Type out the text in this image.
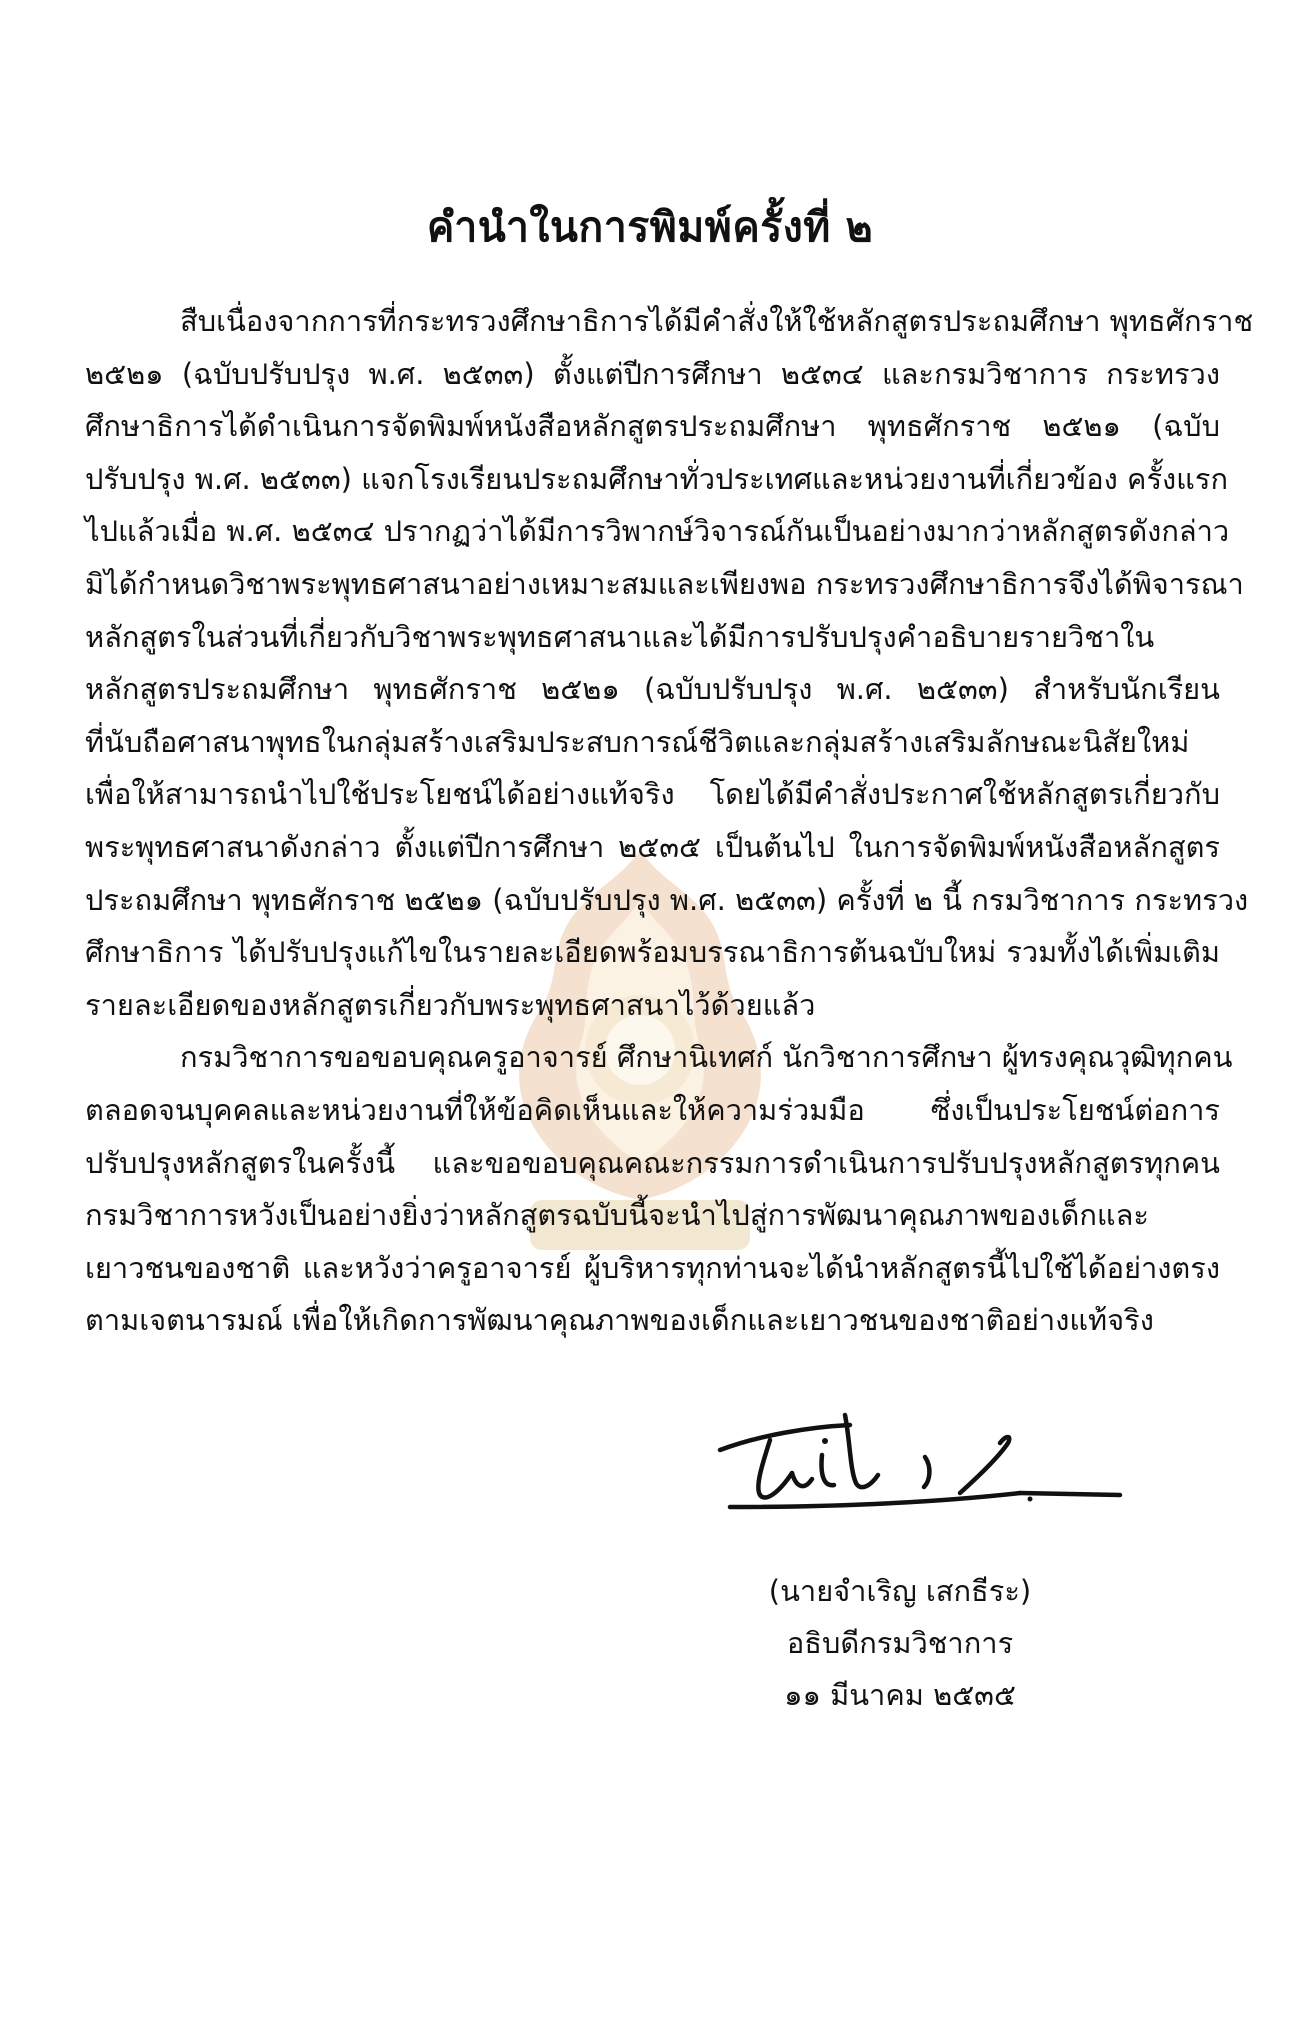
คำนำในการพิมพ์ครั้งที่ ๒
สืบเนื่องจากการที่กระทรวงศึกษาธิการได้มีคำสั่งให้ใช้หลักสูตรประถมศึกษา พุทธศักราช
๒๕๒๑ (ฉบับปรับปรุง พ.ศ. ๒๕๓๓) ตั้งแต่ปีการศึกษา ๒๕๓๔ และกรมวิชาการ กระทรวง
ศึกษาธิการได้ดำเนินการจัดพิมพ์หนังสือหลักสูตรประถมศึกษา พุทธศักราช ๒๕๒๑ (ฉบับ
ปรับปรุง พ.ศ. ๒๕๓๓) แจกโรงเรียนประถมศึกษาทั่วประเทศและหน่วยงานที่เกี่ยวข้อง ครั้งแรก
ไปแล้วเมื่อ พ.ศ. ๒๕๓๔ ปรากฏว่าได้มีการวิพากษ์วิจารณ์กันเป็นอย่างมากว่าหลักสูตรดังกล่าว
มิได้กำหนดวิชาพระพุทธศาสนาอย่างเหมาะสมและเพียงพอ กระทรวงศึกษาธิการจึงได้พิจารณา
หลักสูตรในส่วนที่เกี่ยวกับวิชาพระพุทธศาสนาและได้มีการปรับปรุงคำอธิบายรายวิชาใน
หลักสูตรประถมศึกษา พุทธศักราช ๒๕๒๑ (ฉบับปรับปรุง พ.ศ. ๒๕๓๓) สำหรับนักเรียน
ที่นับถือศาสนาพุทธในกลุ่มสร้างเสริมประสบการณ์ชีวิตและกลุ่มสร้างเสริมลักษณะนิสัยใหม่
เพื่อให้สามารถนำไปใช้ประโยชน์ได้อย่างแท้จริง โดยได้มีคำสั่งประกาศใช้หลักสูตรเกี่ยวกับ
พระพุทธศาสนาดังกล่าว ตั้งแต่ปีการศึกษา ๒๕๓๕ เป็นต้นไป ในการจัดพิมพ์หนังสือหลักสูตร
ประถมศึกษา พุทธศักราช ๒๕๒๑ (ฉบับปรับปรุง พ.ศ. ๒๕๓๓) ครั้งที่ ๒ นี้ กรมวิชาการ กระทรวง
ศึกษาธิการ ได้ปรับปรุงแก้ไขในรายละเอียดพร้อมบรรณาธิการต้นฉบับใหม่ รวมทั้งได้เพิ่มเติม
รายละเอียดของหลักสูตรเกี่ยวกับพระพุทธศาสนาไว้ด้วยแล้ว
กรมวิชาการขอขอบคุณครูอาจารย์ ศึกษานิเทศก์ นักวิชาการศึกษา ผู้ทรงคุณวุฒิทุกคน
ตลอดจนบุคคลและหน่วยงานที่ให้ข้อคิดเห็นและให้ความร่วมมือ ซึ่งเป็นประโยชน์ต่อการ
ปรับปรุงหลักสูตรในครั้งนี้ และขอขอบคุณคณะกรรมการดำเนินการปรับปรุงหลักสูตรทุกคน
กรมวิชาการหวังเป็นอย่างยิ่งว่าหลักสูตรฉบับนี้จะนำไปสู่การพัฒนาคุณภาพของเด็กและ
เยาวชนของชาติ และหวังว่าครูอาจารย์ ผู้บริหารทุกท่านจะได้นำหลักสูตรนี้ไปใช้ได้อย่างตรง
ตามเจตนารมณ์ เพื่อให้เกิดการพัฒนาคุณภาพของเด็กและเยาวชนของชาติอย่างแท้จริง
(นายจำเริญ เสกธีระ)
อธิบดีกรมวิชาการ
๑๑ มีนาคม ๒๕๓๕
